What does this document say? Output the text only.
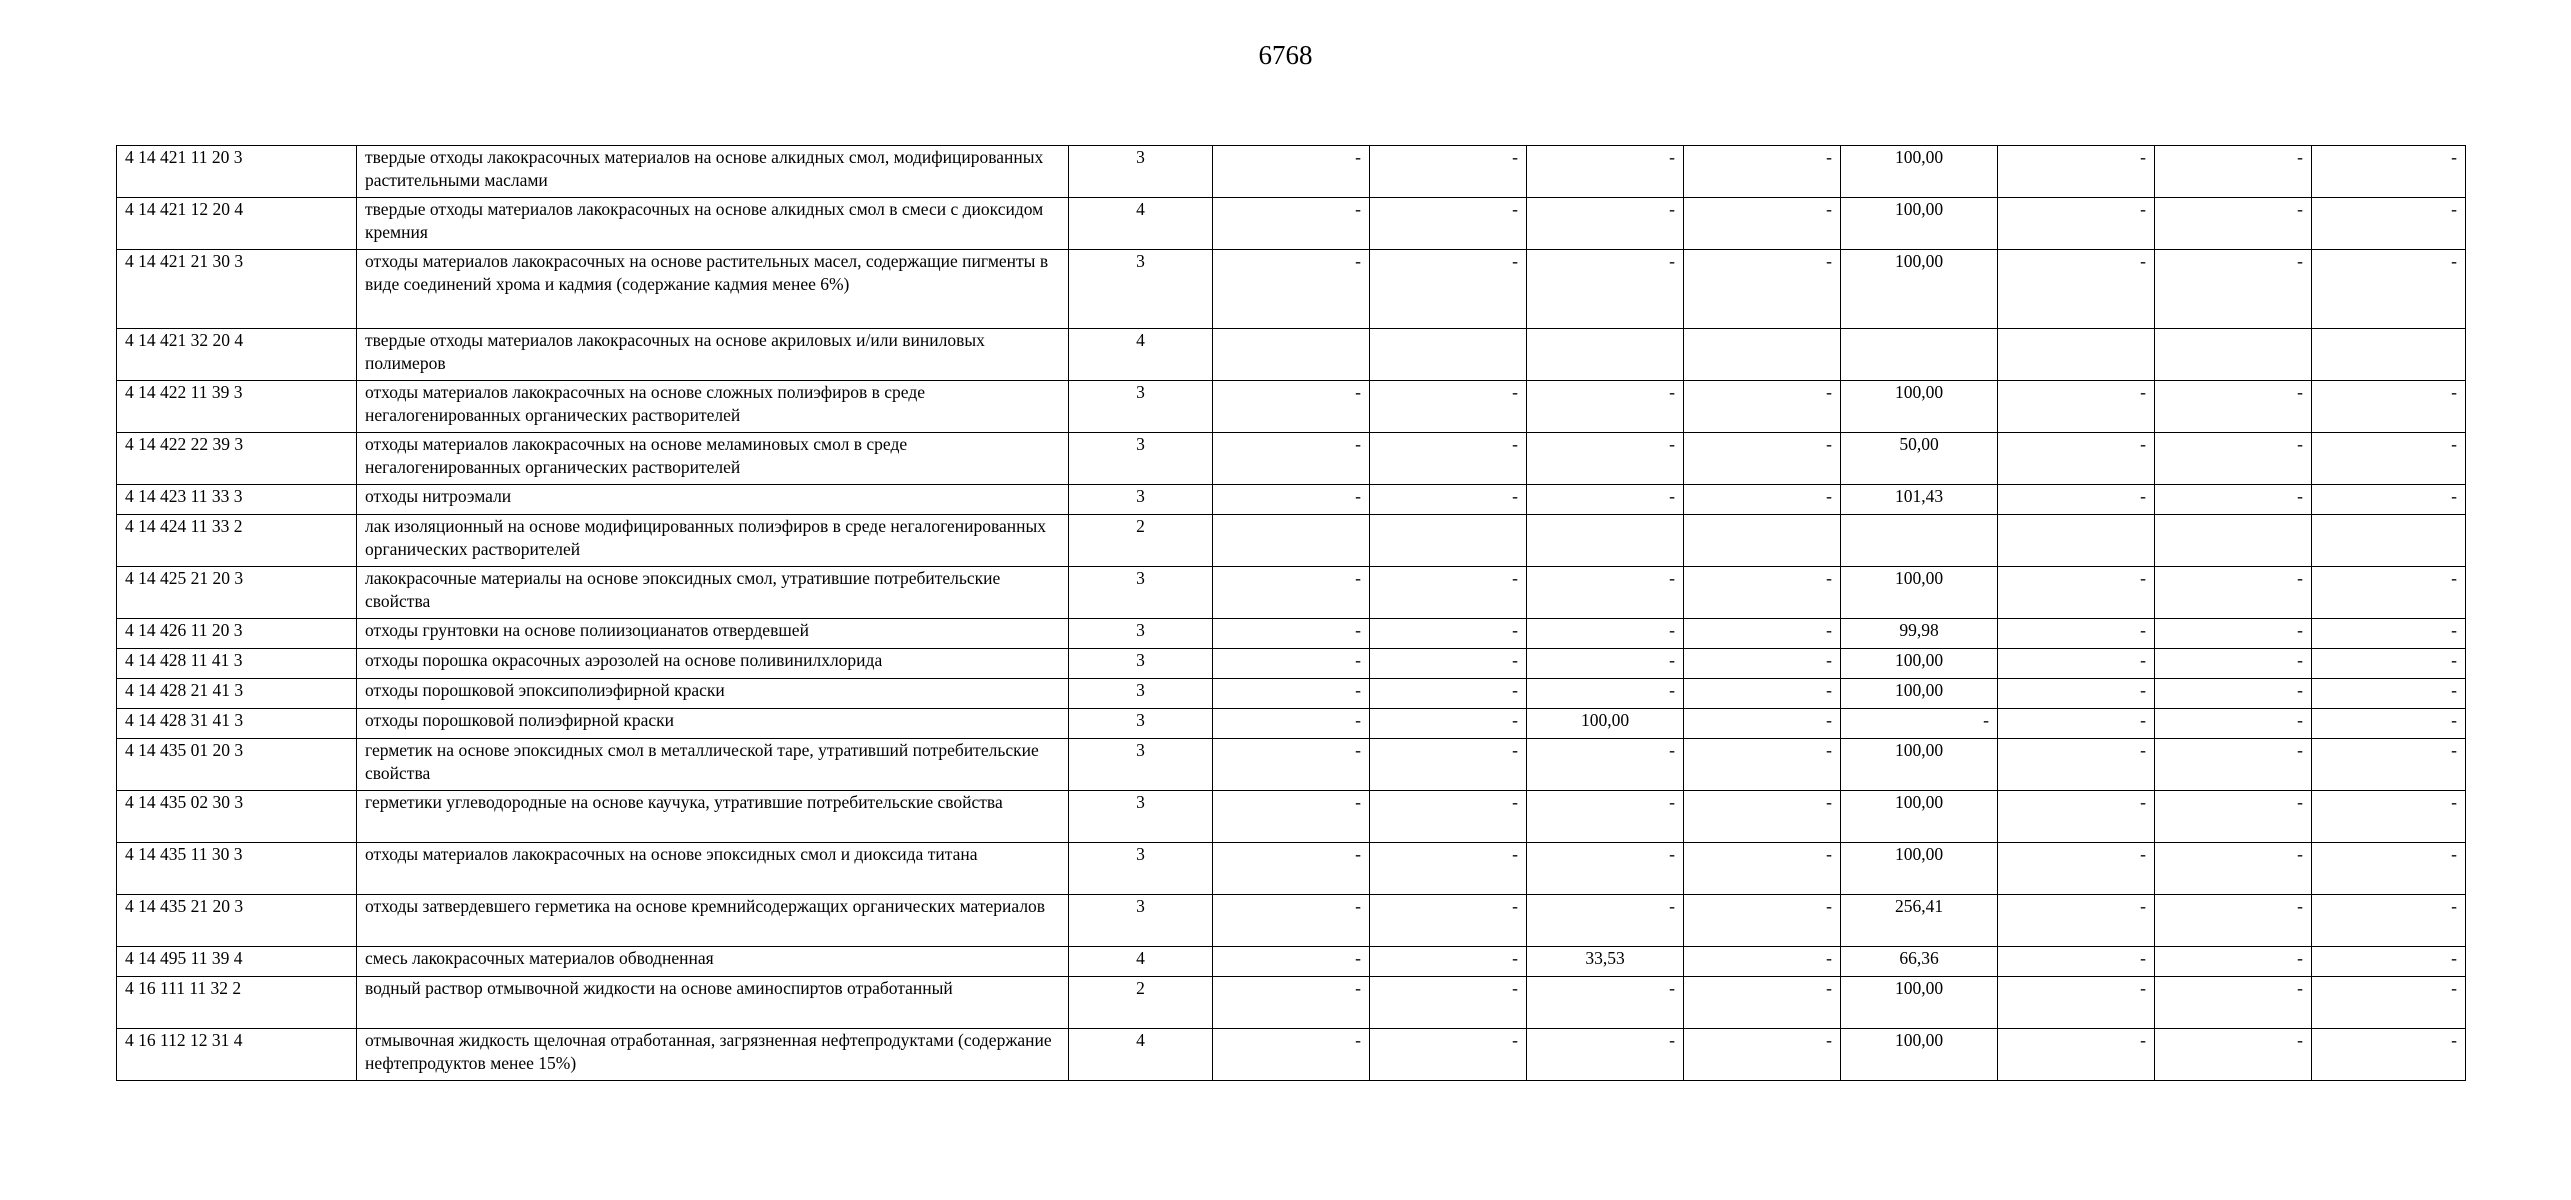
6768
4 14 421 11 20 3	твердые отходы лакокрасочных материалов на основе алкидных смол, модифицированных растительными маслами	3	-	-	-	-	100,00	-	-	-
4 14 421 12 20 4	твердые отходы материалов лакокрасочных на основе алкидных смол в смеси с диоксидом кремния	4	-	-	-	-	100,00	-	-	-
4 14 421 21 30 3	отходы материалов лакокрасочных на основе растительных масел, содержащие пигменты в виде соединений хрома и кадмия (содержание кадмия менее 6%)	3	-	-	-	-	100,00	-	-	-
4 14 421 32 20 4	твердые отходы материалов лакокрасочных на основе акриловых и/или виниловых полимеров	4								
4 14 422 11 39 3	отходы материалов лакокрасочных на основе сложных полиэфиров в среде негалогенированных органических растворителей	3	-	-	-	-	100,00	-	-	-
4 14 422 22 39 3	отходы материалов лакокрасочных на основе меламиновых смол в среде негалогенированных органических растворителей	3	-	-	-	-	50,00	-	-	-
4 14 423 11 33 3	отходы нитроэмали	3	-	-	-	-	101,43	-	-	-
4 14 424 11 33 2	лак изоляционный на основе модифицированных полиэфиров в среде негалогенированных органических растворителей	2								
4 14 425 21 20 3	лакокрасочные материалы на основе эпоксидных смол, утратившие потребительские свойства	3	-	-	-	-	100,00	-	-	-
4 14 426 11 20 3	отходы грунтовки на основе полиизоцианатов отвердевшей	3	-	-	-	-	99,98	-	-	-
4 14 428 11 41 3	отходы порошка окрасочных аэрозолей на основе поливинилхлорида	3	-	-	-	-	100,00	-	-	-
4 14 428 21 41 3	отходы порошковой эпоксиполиэфирной краски	3	-	-	-	-	100,00	-	-	-
4 14 428 31 41 3	отходы порошковой полиэфирной краски	3	-	-	100,00	-	-	-	-	-
4 14 435 01 20 3	герметик на основе эпоксидных смол в металлической таре, утративший потребительские свойства	3	-	-	-	-	100,00	-	-	-
4 14 435 02 30 3	герметики углеводородные на основе каучука, утратившие потребительские свойства	3	-	-	-	-	100,00	-	-	-
4 14 435 11 30 3	отходы материалов лакокрасочных на основе эпоксидных смол и диоксида титана	3	-	-	-	-	100,00	-	-	-
4 14 435 21 20 3	отходы затвердевшего герметика на основе кремнийсодержащих органических материалов	3	-	-	-	-	256,41	-	-	-
4 14 495 11 39 4	смесь лакокрасочных материалов обводненная	4	-	-	33,53	-	66,36	-	-	-
4 16 111 11 32 2	водный раствор отмывочной жидкости на основе аминоспиртов отработанный	2	-	-	-	-	100,00	-	-	-
4 16 112 12 31 4	отмывочная жидкость щелочная отработанная, загрязненная нефтепродуктами (содержание нефтепродуктов менее 15%)	4	-	-	-	-	100,00	-	-	-
